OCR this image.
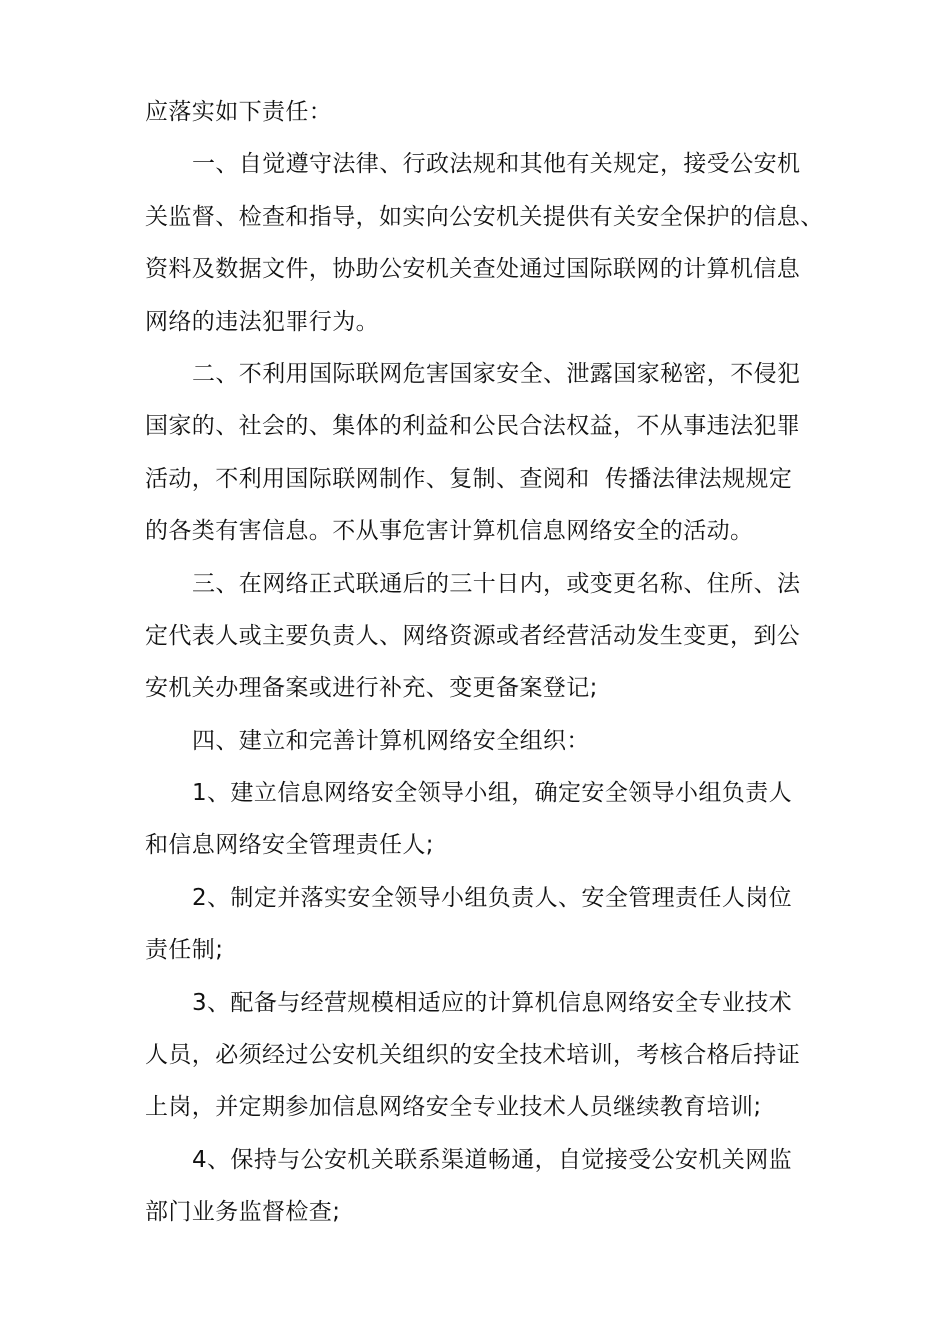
应落实如下责任：
一、自觉遵守法律、行政法规和其他有关规定，接受公安机
关监督、检查和指导，如实向公安机关提供有关安全保护的信息、
资料及数据文件，协助公安机关查处通过国际联网的计算机信息
网络的违法犯罪行为。
二、不利用国际联网危害国家安全、泄露国家秘密，不侵犯
国家的、社会的、集体的利益和公民合法权益，不从事违法犯罪
活动，不利用国际联网制作、复制、查阅和  传播法律法规规定
的各类有害信息。不从事危害计算机信息网络安全的活动。
三、在网络正式联通后的三十日内，或变更名称、住所、法
定代表人或主要负责人、网络资源或者经营活动发生变更，到公
安机关办理备案或进行补充、变更备案登记;
四、建立和完善计算机网络安全组织：
1、建立信息网络安全领导小组，确定安全领导小组负责人
和信息网络安全管理责任人;
2、制定并落实安全领导小组负责人、安全管理责任人岗位
责任制;
3、配备与经营规模相适应的计算机信息网络安全专业技术
人员，必须经过公安机关组织的安全技术培训，考核合格后持证
上岗，并定期参加信息网络安全专业技术人员继续教育培训;
4、保持与公安机关联系渠道畅通，自觉接受公安机关网监
部门业务监督检查;
